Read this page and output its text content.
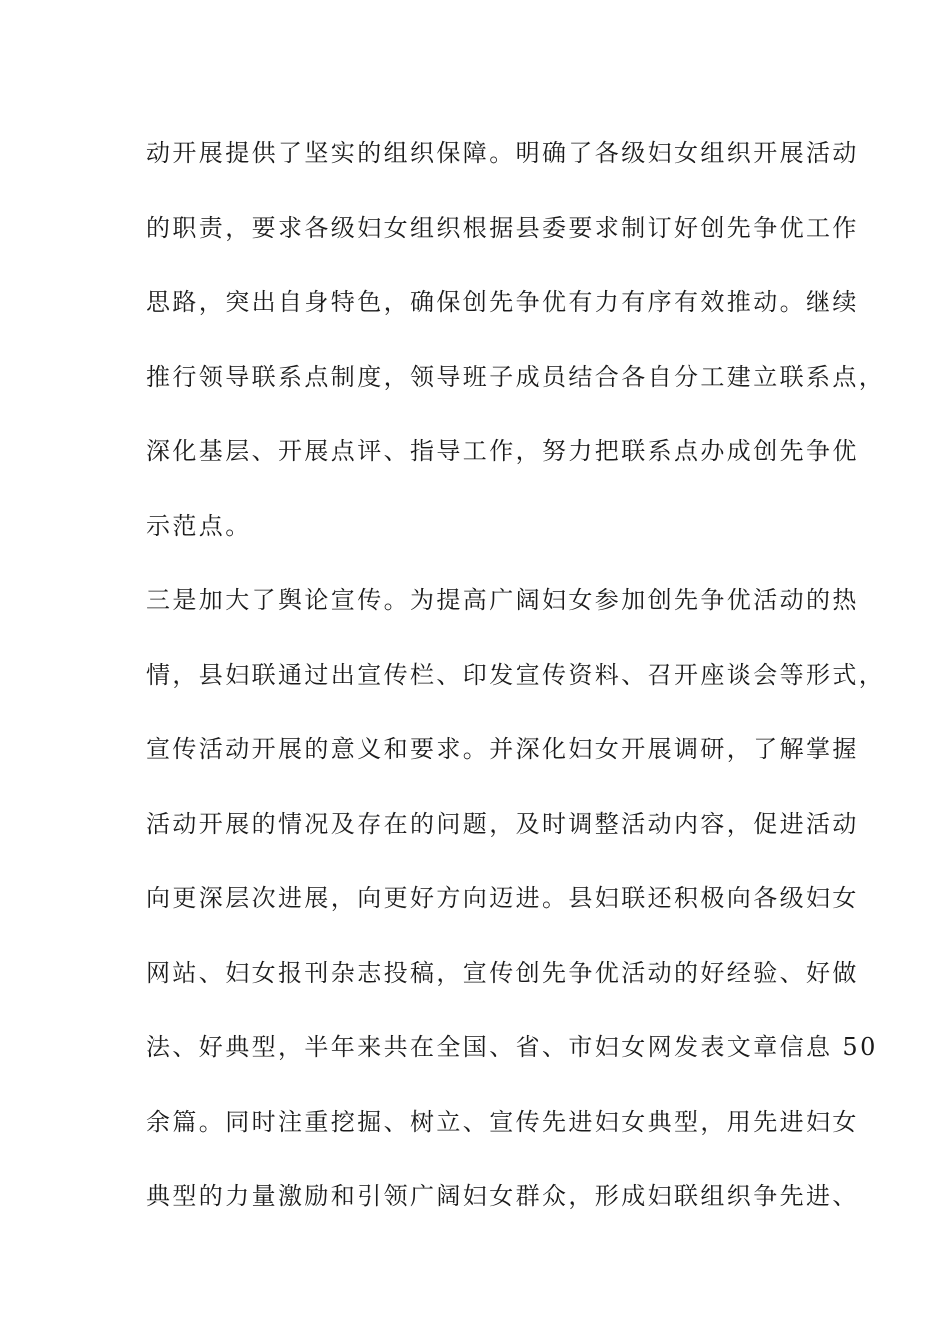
动开展提供了坚实的组织保障。明确了各级妇女组织开展活动
的职责，要求各级妇女组织根据县委要求制订好创先争优工作
思路，突出自身特色，确保创先争优有力有序有效推动。继续
推行领导联系点制度，领导班子成员结合各自分工建立联系点，
深化基层、开展点评、指导工作，努力把联系点办成创先争优
示范点。
三是加大了舆论宣传。为提高广阔妇女参加创先争优活动的热
情，县妇联通过出宣传栏、印发宣传资料、召开座谈会等形式，
宣传活动开展的意义和要求。并深化妇女开展调研，了解掌握
活动开展的情况及存在的问题，及时调整活动内容，促进活动
向更深层次进展，向更好方向迈进。县妇联还积极向各级妇女
网站、妇女报刊杂志投稿，宣传创先争优活动的好经验、好做
法、好典型，半年来共在全国、省、市妇女网发表文章信息 50
余篇。同时注重挖掘、树立、宣传先进妇女典型，用先进妇女
典型的力量激励和引领广阔妇女群众，形成妇联组织争先进、
